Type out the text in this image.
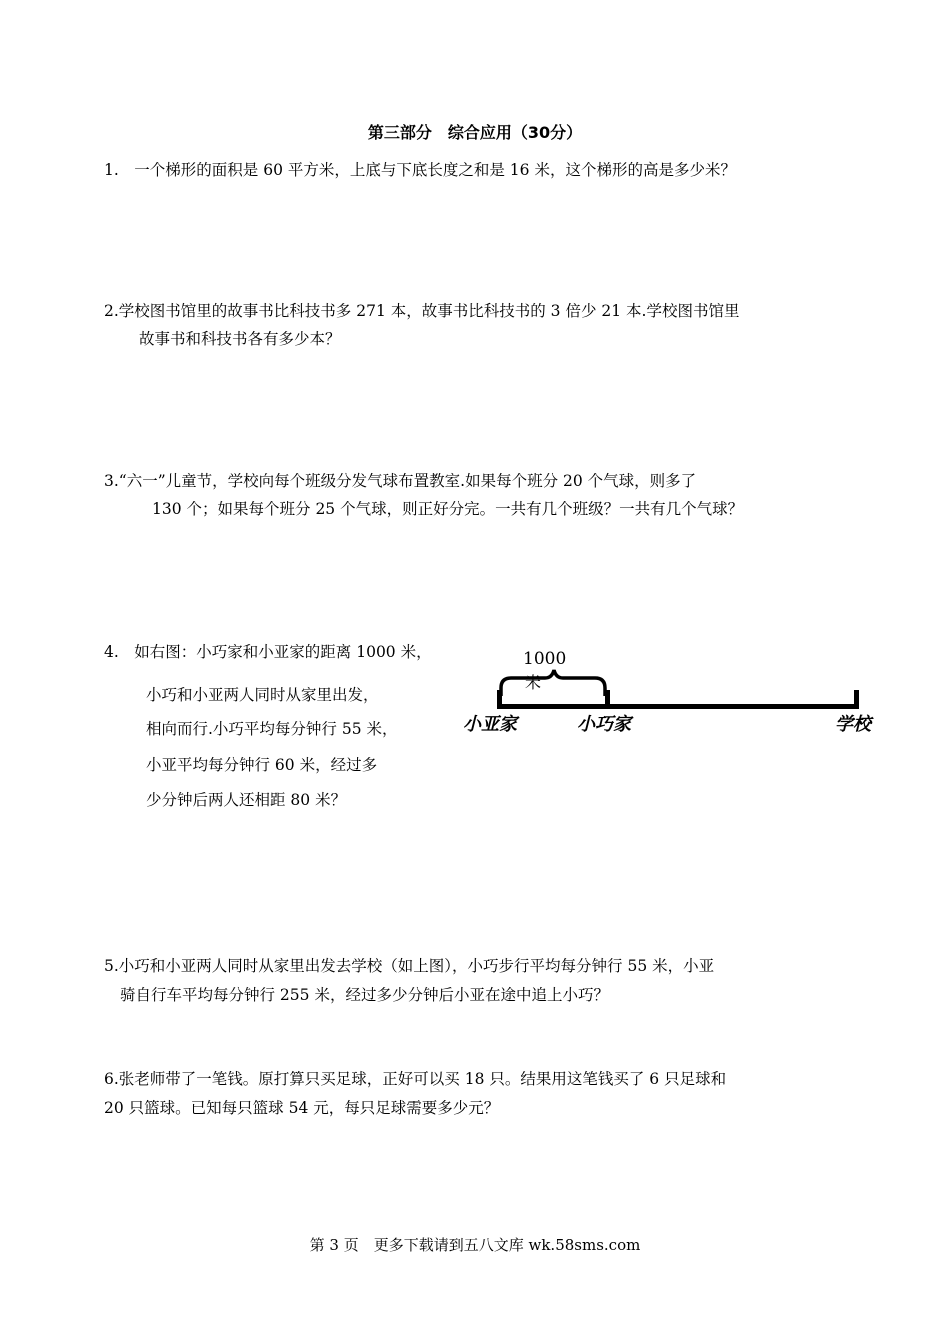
第三部分　综合应用（30分）
1.　一个梯形的面积是 60 平方米，上底与下底长度之和是 16 米，这个梯形的高是多少米？
2.学校图书馆里的故事书比科技书多 271 本，故事书比科技书的 3 倍少 21 本.学校图书馆里
故事书和科技书各有多少本？
3.“六一”儿童节，学校向每个班级分发气球布置教室.如果每个班分 20 个气球，则多了
130 个；如果每个班分 25 个气球，则正好分完。一共有几个班级？一共有几个气球？
4.　如右图：小巧家和小亚家的距离 1000 米，
小巧和小亚两人同时从家里出发，
相向而行.小巧平均每分钟行 55 米，
小亚平均每分钟行 60 米，经过多
少分钟后两人还相距 80 米？
1000
米
小亚家	小巧家	学校
5.小巧和小亚两人同时从家里出发去学校（如上图），小巧步行平均每分钟行 55 米，小亚
骑自行车平均每分钟行 255 米，经过多少分钟后小亚在途中追上小巧？
6.张老师带了一笔钱。原打算只买足球，正好可以买 18 只。结果用这笔钱买了 6 只足球和
20 只篮球。已知每只篮球 54 元，每只足球需要多少元？
第 3 页　更多下载请到五八文库 wk.58sms.com
